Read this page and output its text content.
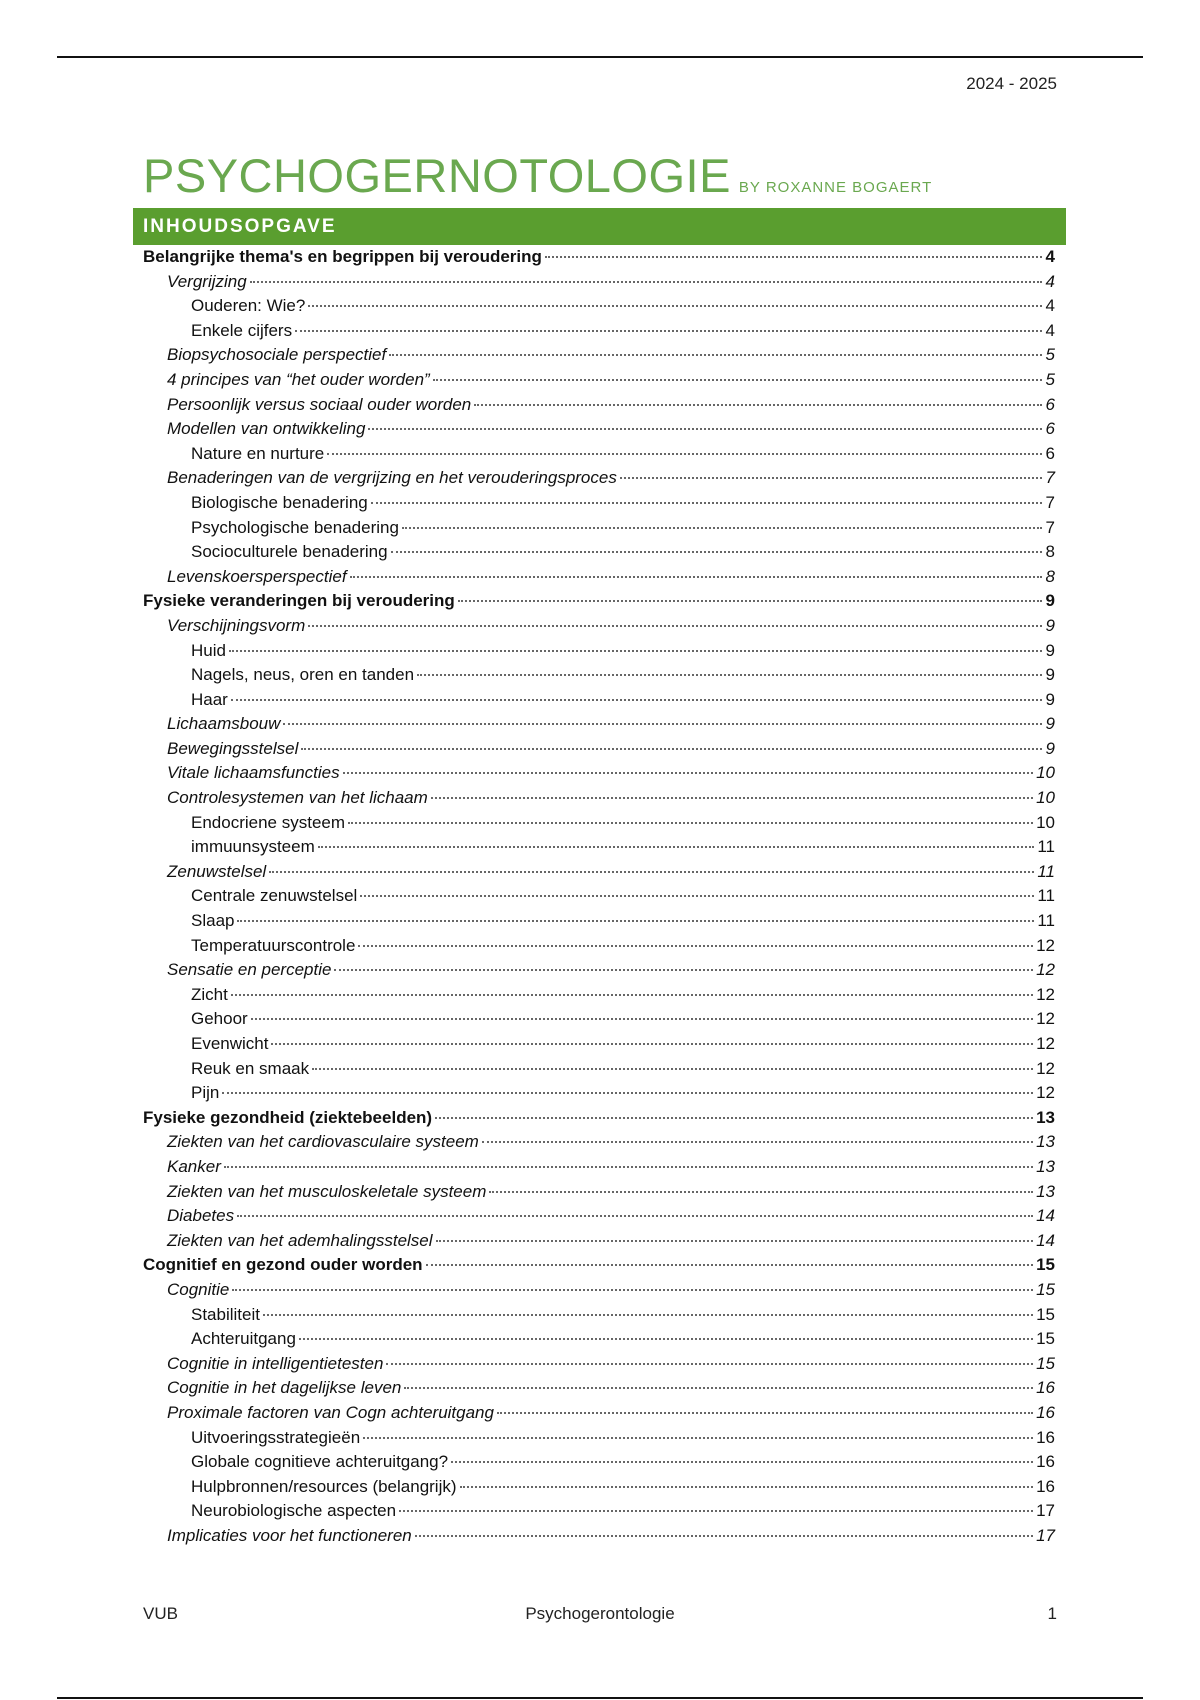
2024 - 2025
PSYCHOGERNOTOLOGIE BY ROXANNE BOGAERT
INHOUDSOPGAVE
Belangrijke thema's en begrippen bij veroudering	4
Vergrijzing	4
Ouderen: Wie?	4
Enkele cijfers	4
Biopsychosociale perspectief	5
4 principes van “het ouder worden”	5
Persoonlijk versus sociaal ouder worden	6
Modellen van ontwikkeling	6
Nature en nurture	6
Benaderingen van de vergrijzing en het verouderingsproces	7
Biologische benadering	7
Psychologische benadering	7
Socioculturele benadering	8
Levenskoersperspectief	8
Fysieke veranderingen bij veroudering	9
Verschijningsvorm	9
Huid	9
Nagels, neus, oren en tanden	9
Haar	9
Lichaamsbouw	9
Bewegingsstelsel	9
Vitale lichaamsfuncties	10
Controlesystemen van het lichaam	10
Endocriene systeem	10
immuunsysteem	11
Zenuwstelsel	11
Centrale zenuwstelsel	11
Slaap	11
Temperatuurscontrole	12
Sensatie en perceptie	12
Zicht	12
Gehoor	12
Evenwicht	12
Reuk en smaak	12
Pijn	12
Fysieke gezondheid (ziektebeelden)	13
Ziekten van het cardiovasculaire systeem	13
Kanker	13
Ziekten van het musculoskeletale systeem	13
Diabetes	14
Ziekten van het ademhalingsstelsel	14
Cognitief en gezond ouder worden	15
Cognitie	15
Stabiliteit	15
Achteruitgang	15
Cognitie in intelligentietesten	15
Cognitie in het dagelijkse leven	16
Proximale factoren van Cogn achteruitgang	16
Uitvoeringsstrategieën	16
Globale cognitieve achteruitgang?	16
Hulpbronnen/resources (belangrijk)	16
Neurobiologische aspecten	17
Implicaties voor het functioneren	17
VUB	Psychogerontologie	1
